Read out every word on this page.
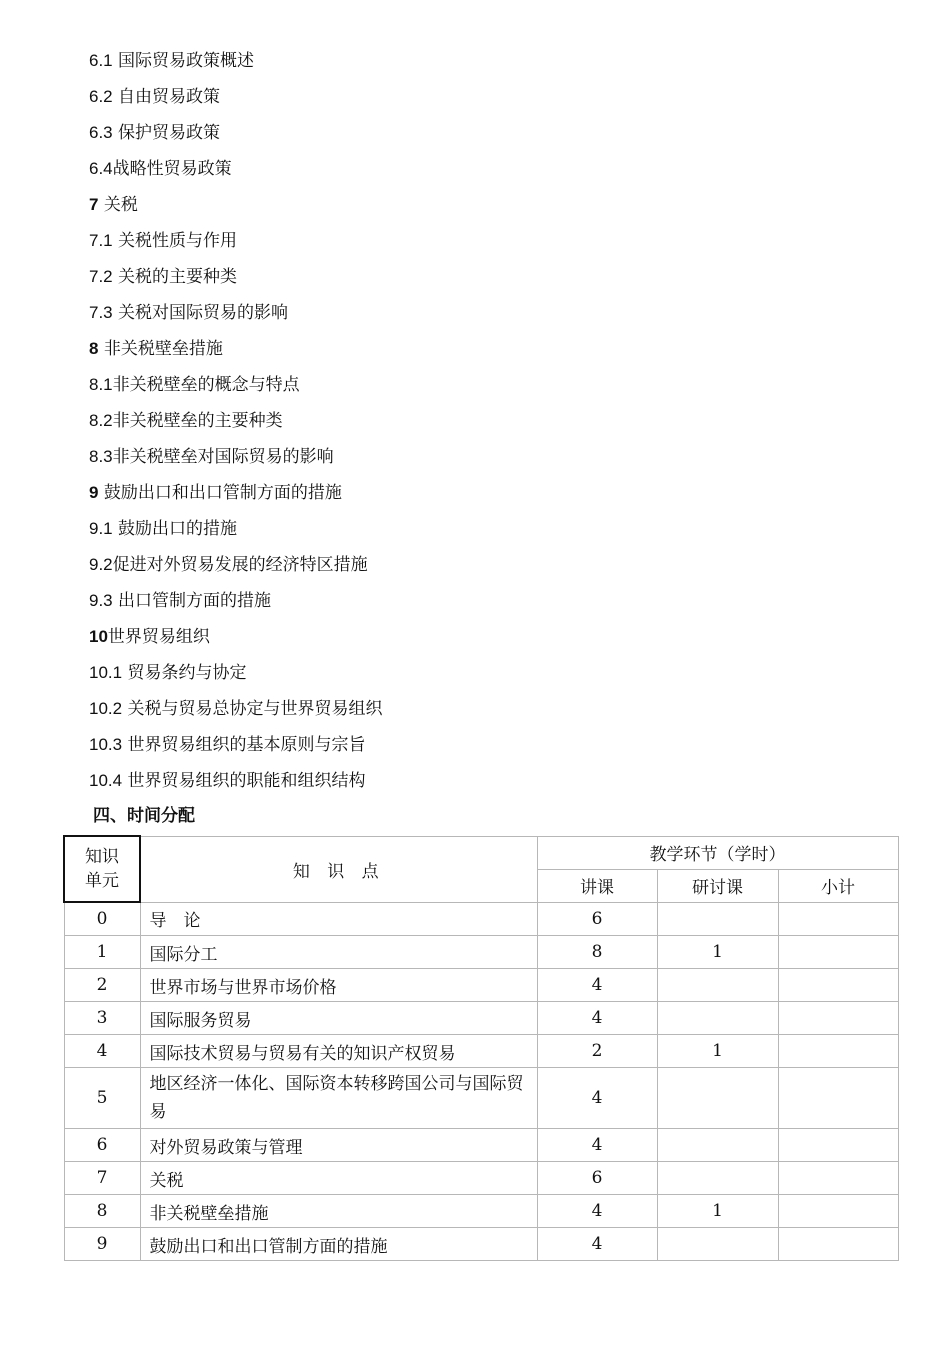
6.1 国际贸易政策概述
6.2 自由贸易政策
6.3 保护贸易政策
6.4战略性贸易政策
7 关税
7.1 关税性质与作用
7.2 关税的主要种类
7.3 关税对国际贸易的影响
8 非关税壁垒措施
8.1非关税壁垒的概念与特点
8.2非关税壁垒的主要种类
8.3非关税壁垒对国际贸易的影响
9 鼓励出口和出口管制方面的措施
9.1 鼓励出口的措施
9.2促进对外贸易发展的经济特区措施
9.3 出口管制方面的措施
10世界贸易组织
10.1 贸易条约与协定
10.2 关税与贸易总协定与世界贸易组织
10.3 世界贸易组织的基本原则与宗旨
10.4 世界贸易组织的职能和组织结构
四、时间分配
知识
单元	知 识 点	教学环节（学时）		
		讲课	研讨课	小计
0	导　论	6		
1	国际分工	8	1	
2	世界市场与世界市场价格	4		
3	国际服务贸易	4		
4	国际技术贸易与贸易有关的知识产权贸易	2	1	
5	地区经济一体化、国际资本转移跨国公司与国际贸易	4		
6	对外贸易政策与管理	4		
7	关税	6		
8	非关税壁垒措施	4	1	
9	鼓励出口和出口管制方面的措施	4		
